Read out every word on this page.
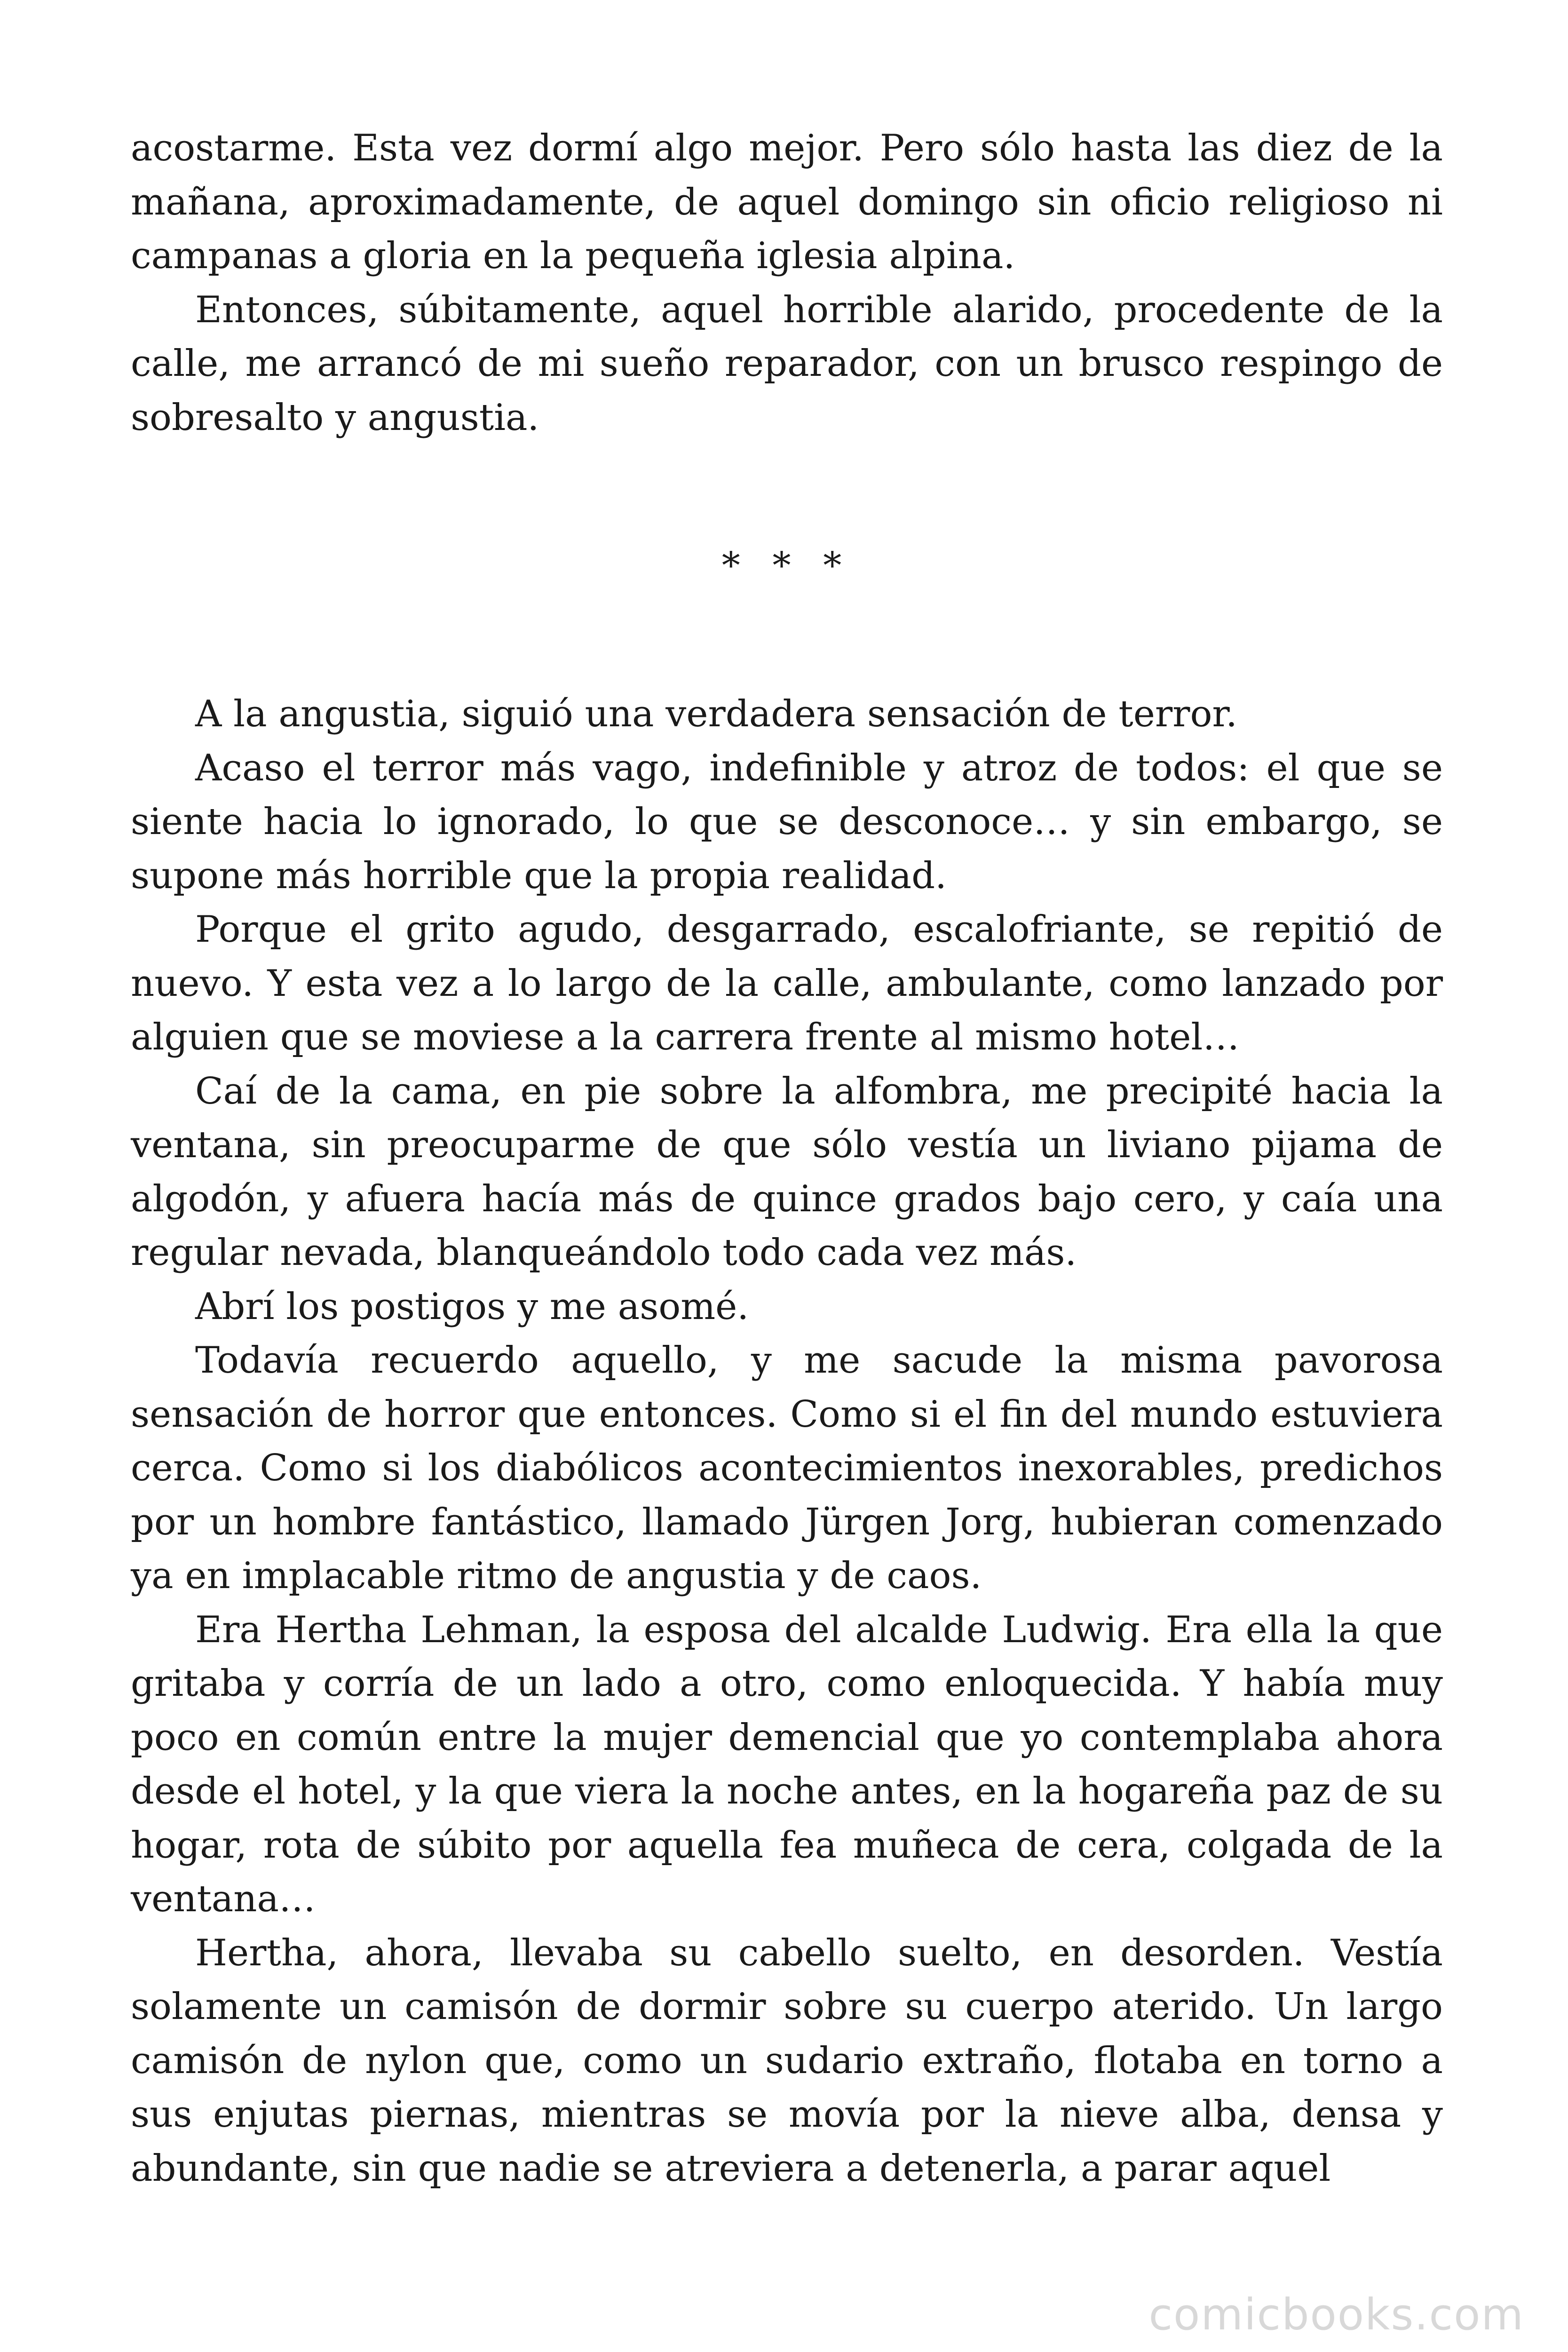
acostarme. Esta vez dormí algo mejor. Pero sólo hasta las diez de la mañana, aproximadamente, de aquel domingo sin oficio religioso ni campanas a gloria en la pequeña iglesia alpina.

Entonces, súbitamente, aquel horrible alarido, procedente de la calle, me arrancó de mi sueño reparador, con un brusco respingo de sobresalto y angustia.

* * *

A la angustia, siguió una verdadera sensación de terror.

Acaso el terror más vago, indefinible y atroz de todos: el que se siente hacia lo ignorado, lo que se desconoce… y sin embargo, se supone más horrible que la propia realidad.

Porque el grito agudo, desgarrado, escalofriante, se repitió de nuevo. Y esta vez a lo largo de la calle, ambulante, como lanzado por alguien que se moviese a la carrera frente al mismo hotel…

Caí de la cama, en pie sobre la alfombra, me precipité hacia la ventana, sin preocuparme de que sólo vestía un liviano pijama de algodón, y afuera hacía más de quince grados bajo cero, y caía una regular nevada, blanqueándolo todo cada vez más.

Abrí los postigos y me asomé.

Todavía recuerdo aquello, y me sacude la misma pavorosa sensación de horror que entonces. Como si el fin del mundo estuviera cerca. Como si los diabólicos acontecimientos inexorables, predichos por un hombre fantástico, llamado Jürgen Jorg, hubieran comenzado ya en implacable ritmo de angustia y de caos.

Era Hertha Lehman, la esposa del alcalde Ludwig. Era ella la que gritaba y corría de un lado a otro, como enloquecida. Y había muy poco en común entre la mujer demencial que yo contemplaba ahora desde el hotel, y la que viera la noche antes, en la hogareña paz de su hogar, rota de súbito por aquella fea muñeca de cera, colgada de la ventana…

Hertha, ahora, llevaba su cabello suelto, en desorden. Vestía solamente un camisón de dormir sobre su cuerpo aterido. Un largo camisón de nylon que, como un sudario extraño, flotaba en torno a sus enjutas piernas, mientras se movía por la nieve alba, densa y abundante, sin que nadie se atreviera a detenerla, a parar aquel

comicbooks.com
